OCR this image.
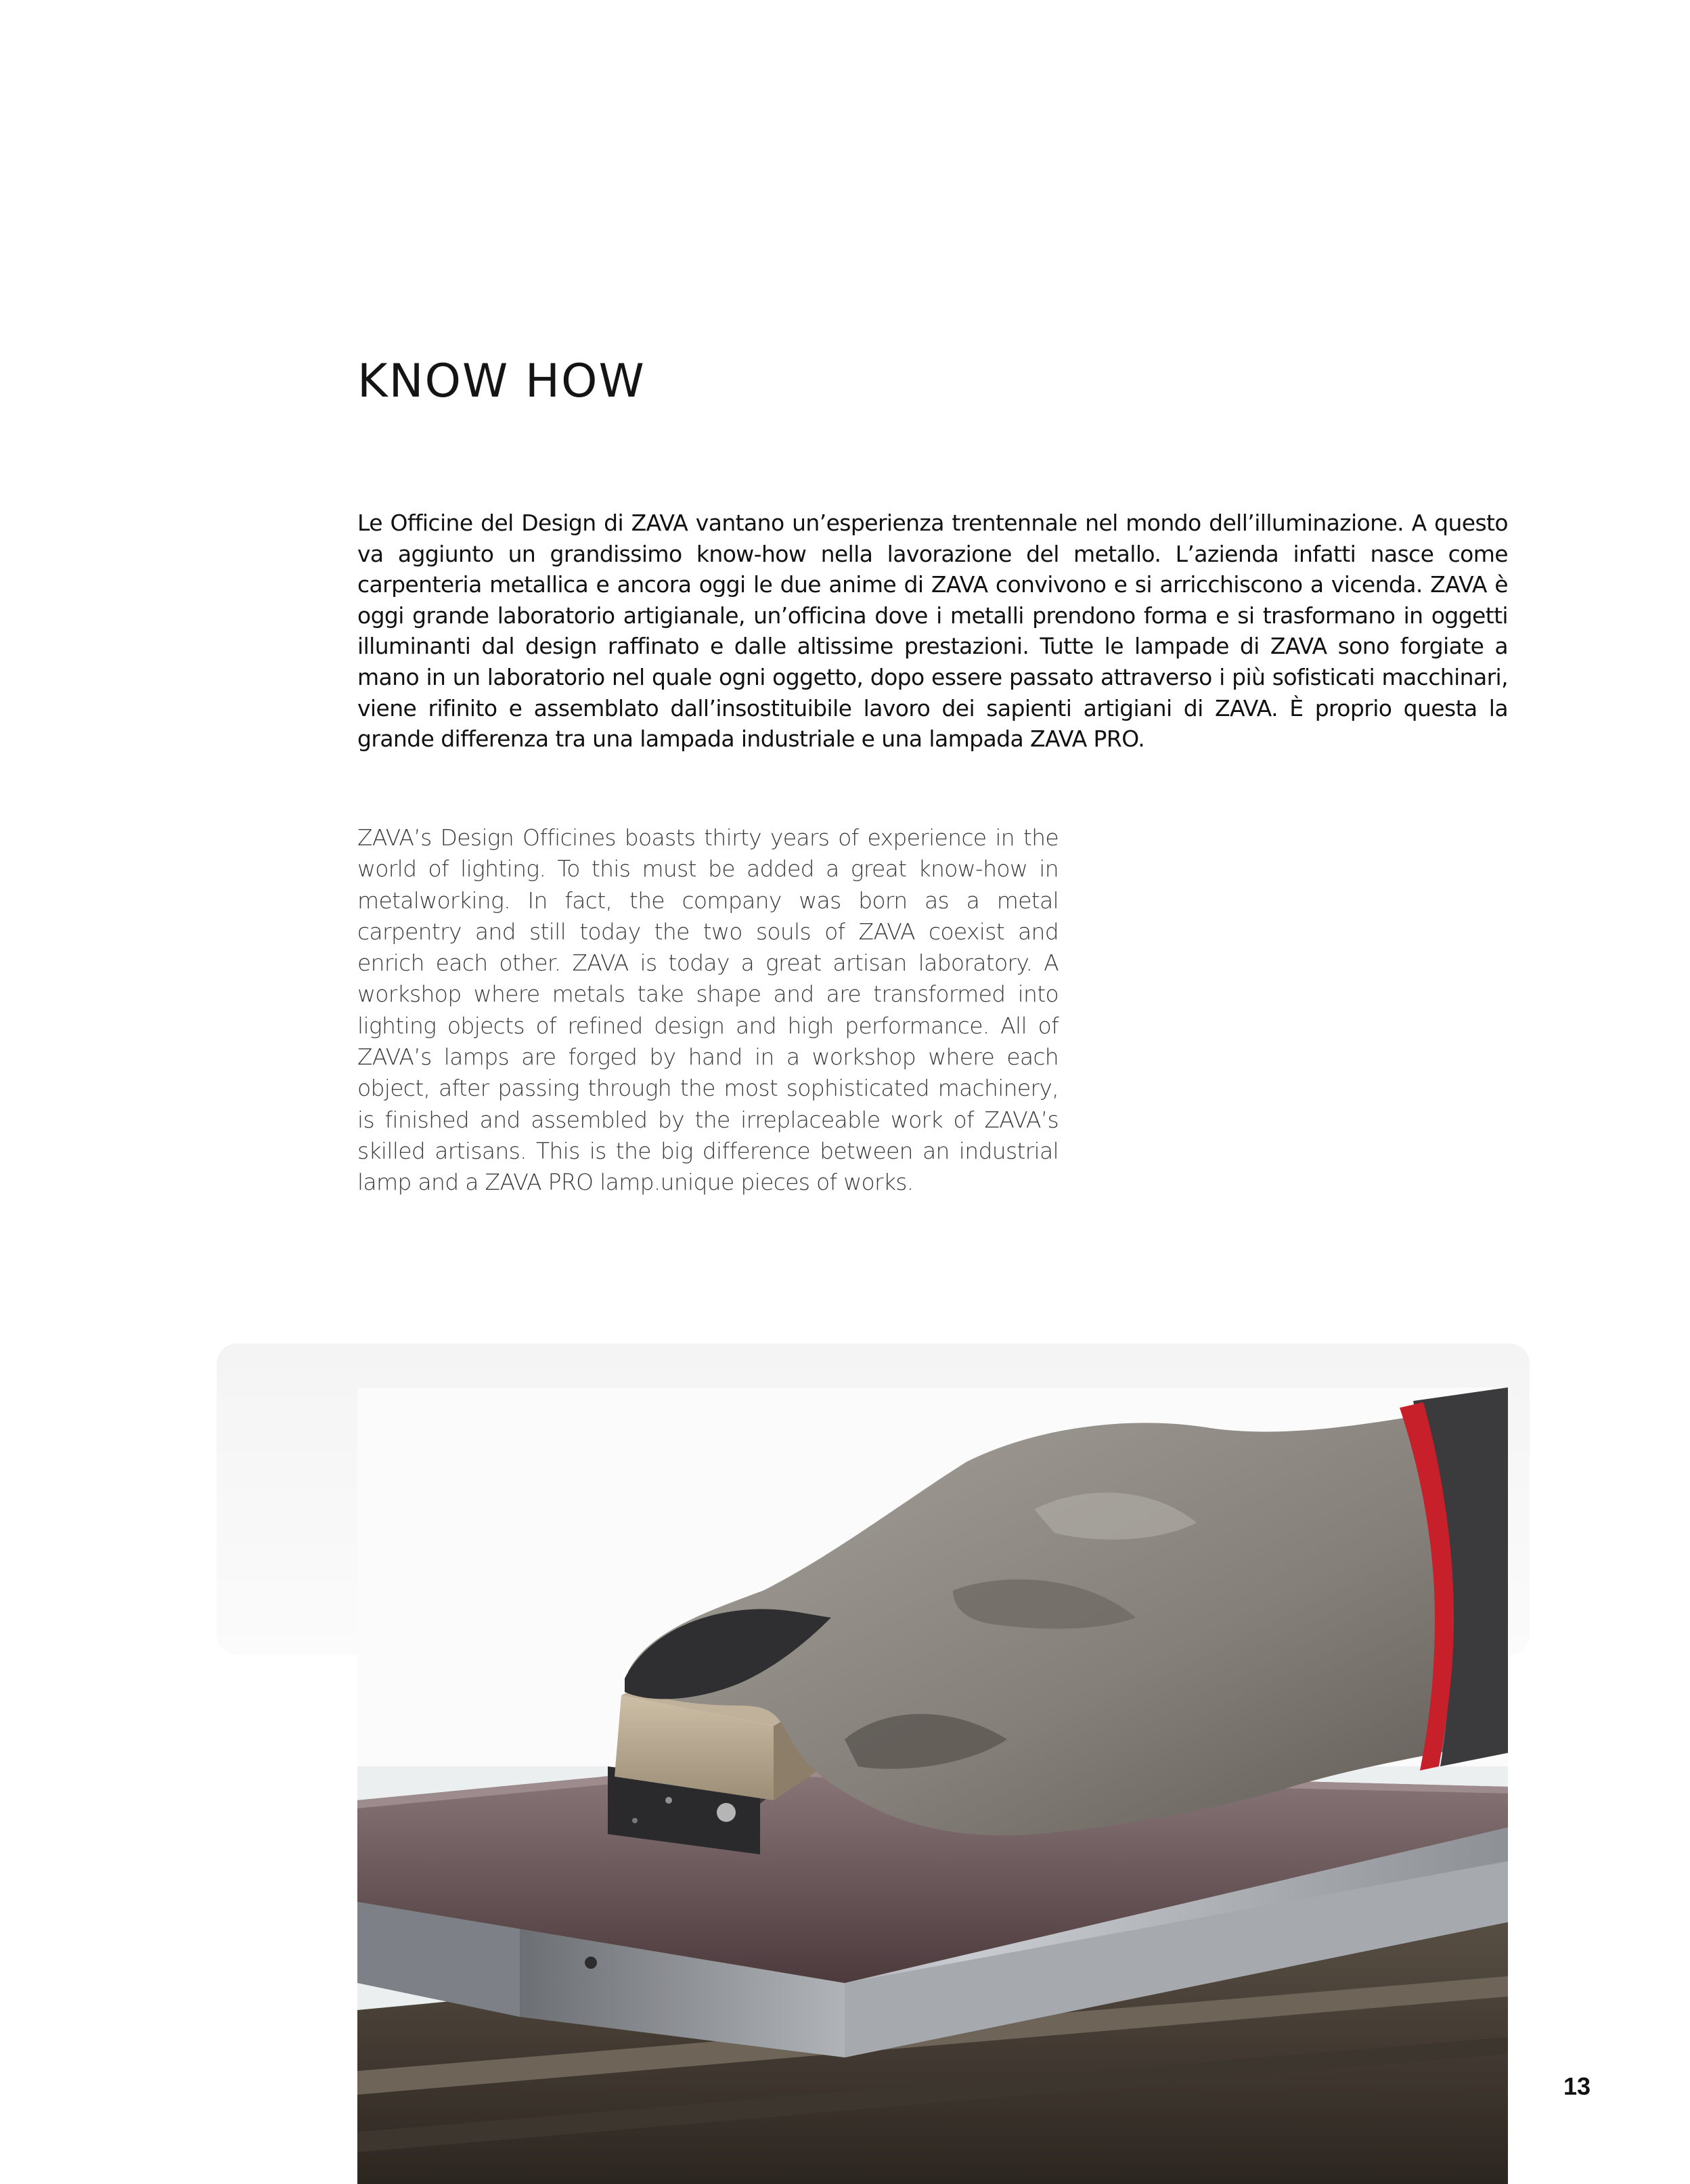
KNOW HOW

Le Officine del Design di ZAVA vantano un’esperienza trentennale nel mondo dell’illuminazione. A questo va aggiunto un grandissimo know-how nella lavorazione del metallo. L’azienda infatti nasce come carpenteria metallica e ancora oggi le due anime di ZAVA convivono e si arricchiscono a vicenda. ZAVA è oggi grande laboratorio artigianale, un’officina dove i metalli prendono forma e si trasformano in oggetti illuminanti dal design raffinato e dalle altissime prestazioni. Tutte le lampade di ZAVA sono forgiate a mano in un laboratorio nel quale ogni oggetto, dopo essere passato attraverso i più sofisticati macchinari, viene rifinito e assemblato dall’insostituibile lavoro dei sapienti artigiani di ZAVA. È proprio questa la grande differenza tra una lampada industriale e una lampada ZAVA PRO.

ZAVA’s Design Officines boasts thirty years of experience in the world of lighting. To this must be added a great know-how in metalworking. In fact, the company was born as a metal carpentry and still today the two souls of ZAVA coexist and enrich each other. ZAVA is today a great artisan laboratory. A workshop where metals take shape and are transformed into lighting objects of refined design and high performance. All of ZAVA’s lamps are forged by hand in a workshop where each object, after passing through the most sophisticated machinery, is finished and assembled by the irreplaceable work of ZAVA’s skilled artisans. This is the big difference between an industrial lamp and a ZAVA PRO lamp.unique pieces of works.

13
